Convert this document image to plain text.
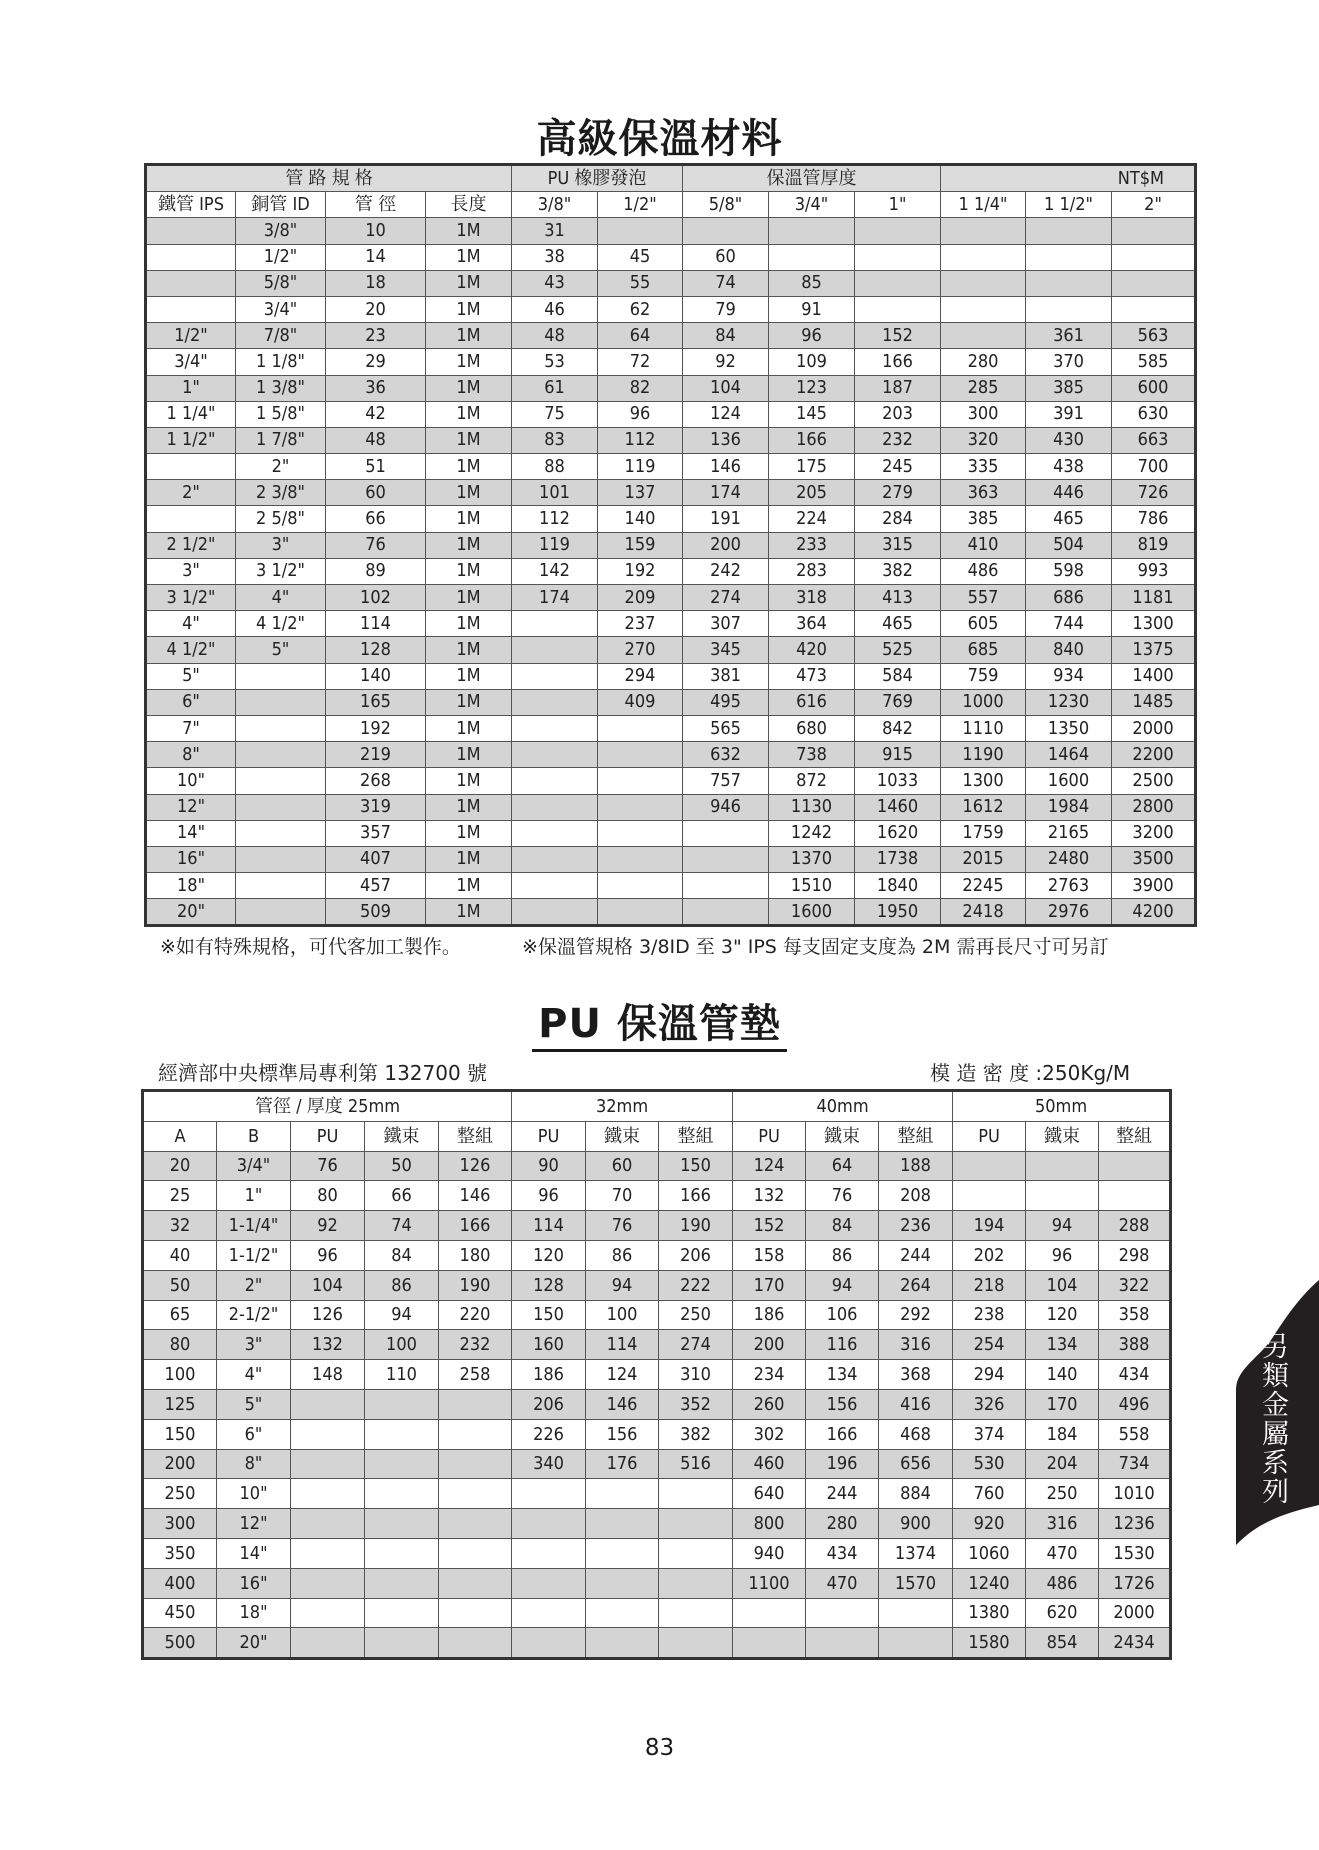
高級保溫材料
管 路 規 格				PU 橡膠發泡		保溫管厚度			NT$M		
鐵管 IPS	銅管 ID	管 徑	長度	3/8"	1/2"	5/8"	3/4"	1"	1 1/4"	1 1/2"	2"
	3/8"	10	1M	31							
	1/2"	14	1M	38	45	60					
	5/8"	18	1M	43	55	74	85				
	3/4"	20	1M	46	62	79	91				
1/2"	7/8"	23	1M	48	64	84	96	152		361	563
3/4"	1 1/8"	29	1M	53	72	92	109	166	280	370	585
1"	1 3/8"	36	1M	61	82	104	123	187	285	385	600
1 1/4"	1 5/8"	42	1M	75	96	124	145	203	300	391	630
1 1/2"	1 7/8"	48	1M	83	112	136	166	232	320	430	663
	2"	51	1M	88	119	146	175	245	335	438	700
2"	2 3/8"	60	1M	101	137	174	205	279	363	446	726
	2 5/8"	66	1M	112	140	191	224	284	385	465	786
2 1/2"	3"	76	1M	119	159	200	233	315	410	504	819
3"	3 1/2"	89	1M	142	192	242	283	382	486	598	993
3 1/2"	4"	102	1M	174	209	274	318	413	557	686	1181
4"	4 1/2"	114	1M		237	307	364	465	605	744	1300
4 1/2"	5"	128	1M		270	345	420	525	685	840	1375
5"		140	1M		294	381	473	584	759	934	1400
6"		165	1M		409	495	616	769	1000	1230	1485
7"		192	1M			565	680	842	1110	1350	2000
8"		219	1M			632	738	915	1190	1464	2200
10"		268	1M			757	872	1033	1300	1600	2500
12"		319	1M			946	1130	1460	1612	1984	2800
14"		357	1M				1242	1620	1759	2165	3200
16"		407	1M				1370	1738	2015	2480	3500
18"		457	1M				1510	1840	2245	2763	3900
20"		509	1M				1600	1950	2418	2976	4200
※如有特殊規格，可代客加工製作。	※保溫管規格 3/8ID 至 3" IPS 每支固定支度為 2M 需再長尺寸可另訂
PU 保溫管墊
經濟部中央標準局專利第 132700 號	模 造 密 度 :250Kg/M
管徑 / 厚度 25mm					32mm			40mm			50mm		
A	B	PU	鐵束	整組	PU	鐵束	整組	PU	鐵束	整組	PU	鐵束	整組
20	3/4"	76	50	126	90	60	150	124	64	188			
25	1"	80	66	146	96	70	166	132	76	208			
32	1-1/4"	92	74	166	114	76	190	152	84	236	194	94	288
40	1-1/2"	96	84	180	120	86	206	158	86	244	202	96	298
50	2"	104	86	190	128	94	222	170	94	264	218	104	322
65	2-1/2"	126	94	220	150	100	250	186	106	292	238	120	358
80	3"	132	100	232	160	114	274	200	116	316	254	134	388
100	4"	148	110	258	186	124	310	234	134	368	294	140	434
125	5"				206	146	352	260	156	416	326	170	496
150	6"				226	156	382	302	166	468	374	184	558
200	8"				340	176	516	460	196	656	530	204	734
250	10"							640	244	884	760	250	1010
300	12"							800	280	900	920	316	1236
350	14"							940	434	1374	1060	470	1530
400	16"							1100	470	1570	1240	486	1726
450	18"										1380	620	2000
500	20"										1580	854	2434
83
另類金屬系列
